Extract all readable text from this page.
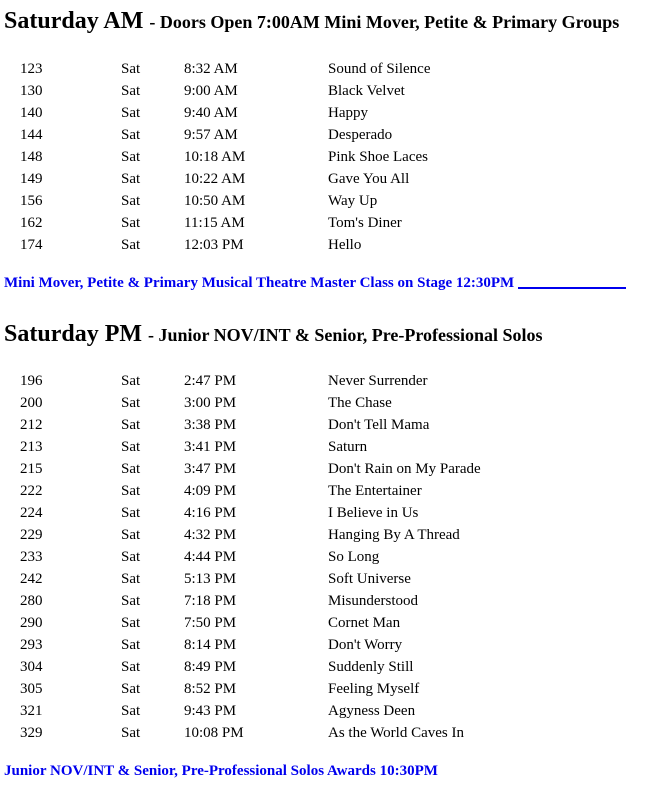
Saturday AM - Doors Open 7:00AM Mini Mover, Petite & Primary Groups
123	Sat	8:32 AM	Sound of Silence
130	Sat	9:00 AM	Black Velvet
140	Sat	9:40 AM	Happy
144	Sat	9:57 AM	Desperado
148	Sat	10:18 AM	Pink Shoe Laces
149	Sat	10:22 AM	Gave You All
156	Sat	10:50 AM	Way Up
162	Sat	11:15 AM	Tom's Diner
174	Sat	12:03 PM	Hello

Mini Mover, Petite & Primary Musical Theatre Master Class on Stage 12:30PM

Saturday PM - Junior NOV/INT & Senior, Pre-Professional Solos
196	Sat	2:47 PM	Never Surrender
200	Sat	3:00 PM	The Chase
212	Sat	3:38 PM	Don't Tell Mama
213	Sat	3:41 PM	Saturn
215	Sat	3:47 PM	Don't Rain on My Parade
222	Sat	4:09 PM	The Entertainer
224	Sat	4:16 PM	I Believe in Us
229	Sat	4:32 PM	Hanging By A Thread
233	Sat	4:44 PM	So Long
242	Sat	5:13 PM	Soft Universe
280	Sat	7:18 PM	Misunderstood
290	Sat	7:50 PM	Cornet Man
293	Sat	8:14 PM	Don't Worry
304	Sat	8:49 PM	Suddenly Still
305	Sat	8:52 PM	Feeling Myself
321	Sat	9:43 PM	Agyness Deen
329	Sat	10:08 PM	As the World Caves In

Junior NOV/INT & Senior, Pre-Professional Solos Awards 10:30PM
